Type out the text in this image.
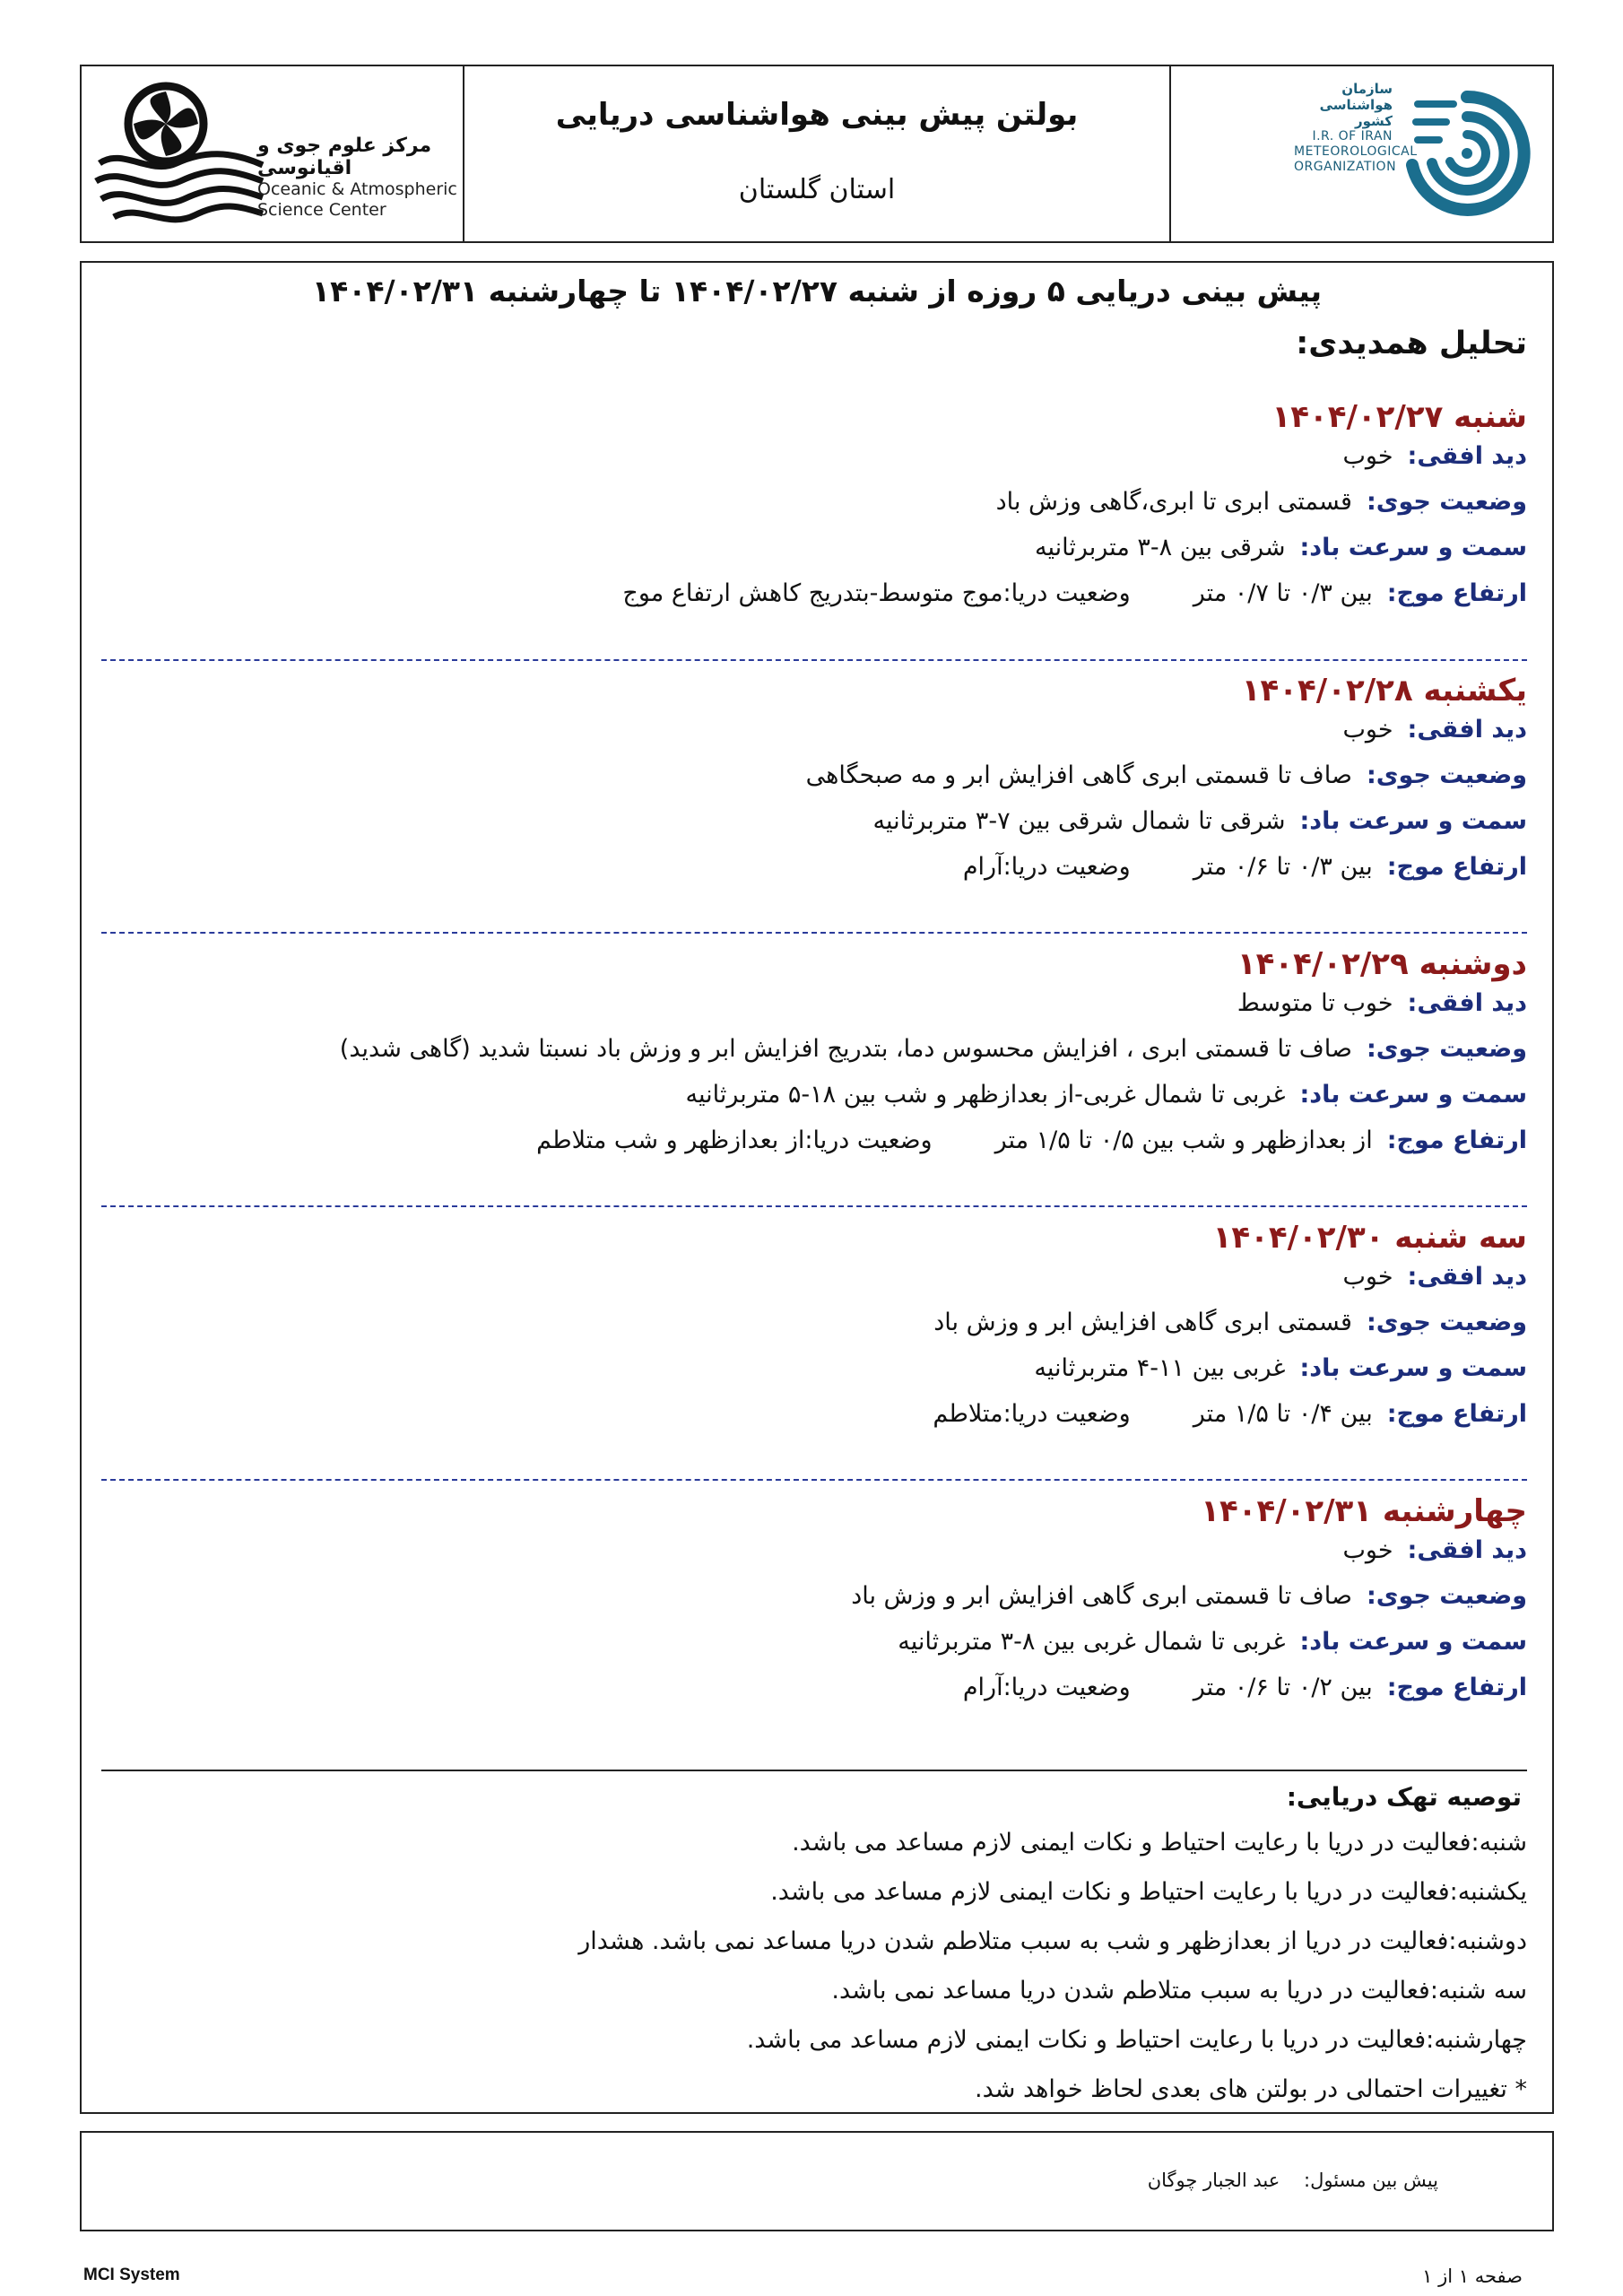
مرکز علوم جوی و اقیانوسی
Oceanic & Atmospheric
Science Center
بولتن پیش بینی هواشناسی دریایی
استان گلستان
سازمان هواشناسی کشور
I.R. OF IRAN
METEOROLOGICAL
ORGANIZATION
پیش بینی دریایی ۵ روزه از شنبه ۱۴۰۴/۰۲/۲۷ تا چهارشنبه ۱۴۰۴/۰۲/۳۱
تحلیل همدیدی:
شنبه ۱۴۰۴/۰۲/۲۷
دید افقی:خوب
وضعیت جوی:قسمتی ابری تا ابری،گاهی وزش باد
سمت و سرعت باد:شرقی بین ۸-۳ متربرثانیه
ارتفاع موج:بین ۰/۳ تا ۰/۷ متروضعیت دریا:موج متوسط-بتدریج کاهش ارتفاع موج
یکشنبه ۱۴۰۴/۰۲/۲۸
دید افقی:خوب
وضعیت جوی:صاف تا قسمتی ابری گاهی افزایش ابر و مه صبحگاهی
سمت و سرعت باد:شرقی تا شمال شرقی بین ۷-۳ متربرثانیه
ارتفاع موج:بین ۰/۳ تا ۰/۶ متروضعیت دریا:آرام
دوشنبه ۱۴۰۴/۰۲/۲۹
دید افقی:خوب تا متوسط
وضعیت جوی:صاف تا قسمتی ابری ، افزایش محسوس دما، بتدریج افزایش ابر و وزش باد نسبتا شدید (گاهی شدید)
سمت و سرعت باد:غربی تا شمال غربی-از بعدازظهر و شب بین ۱۸-۵ متربرثانیه
ارتفاع موج:از بعدازظهر و شب بین ۰/۵ تا ۱/۵ متروضعیت دریا:از بعدازظهر و شب متلاطم
سه شنبه ۱۴۰۴/۰۲/۳۰
دید افقی:خوب
وضعیت جوی:قسمتی ابری گاهی افزایش ابر و وزش باد
سمت و سرعت باد:غربی بین ۱۱-۴ متربرثانیه
ارتفاع موج:بین ۰/۴ تا ۱/۵ متروضعیت دریا:متلاطم
چهارشنبه ۱۴۰۴/۰۲/۳۱
دید افقی:خوب
وضعیت جوی:صاف تا قسمتی ابری گاهی افزایش ابر و وزش باد
سمت و سرعت باد:غربی تا شمال غربی بین ۸-۳ متربرثانیه
ارتفاع موج:بین ۰/۲ تا ۰/۶ متروضعیت دریا:آرام
توصیه تهک دریایی:
شنبه:فعالیت در دریا با رعایت احتیاط و نکات ایمنی لازم مساعد می باشد.
یکشنبه:فعالیت در دریا با رعایت احتیاط و نکات ایمنی لازم مساعد می باشد.
دوشنبه:فعالیت در دریا از بعدازظهر و شب به سبب متلاطم شدن دریا مساعد نمی باشد. هشدار
سه شنبه:فعالیت در دریا به سبب متلاطم شدن دریا مساعد نمی باشد.
چهارشنبه:فعالیت در دریا با رعایت احتیاط و نکات ایمنی لازم مساعد می باشد.
* تغییرات احتمالی در بولتن های بعدی لحاظ خواهد شد.
پیش بین مسئول:    عبد الجبار چوگان
MCI System	صفحه ۱ از ۱
